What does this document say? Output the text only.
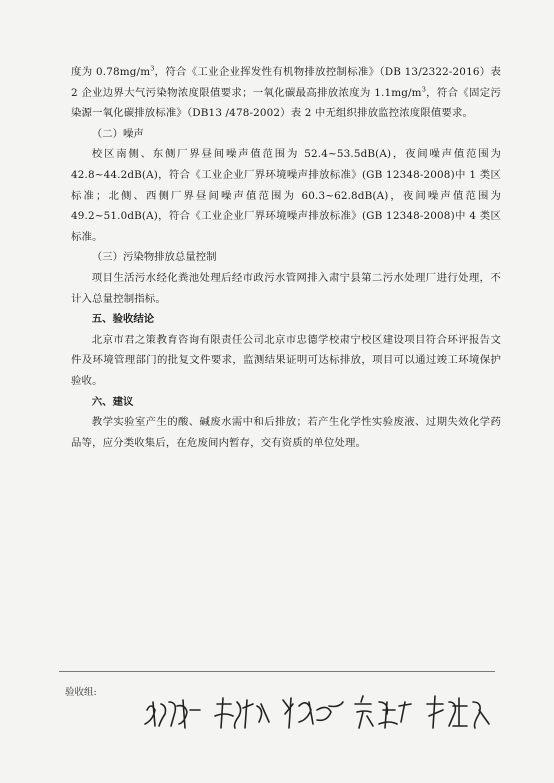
度为 $0.78mg/m^3$，符合《工业企业挥发性有机物排放控制标准》（DB 13/2322-2016）表 2 企业边界大气污染物浓度限值要求；一氧化碳最高排放浓度为 $1.1mg/m^3$，符合《固定污染源一氧化碳排放标准》（DB13 /478-2002）表 2 中无组织排放监控浓度限值要求。

（二）噪声

校区南侧、东侧厂界昼间噪声值范围为 52.4~53.5dB(A)，夜间噪声值范围为 42.8~44.2dB(A)，符合《工业企业厂界环境噪声排放标准》(GB 12348-2008)中 1 类区标准；北侧、西侧厂界昼间噪声值范围为 60.3~62.8dB(A)，夜间噪声值范围为 49.2~51.0dB(A)，符合《工业企业厂界环境噪声排放标准》(GB 12348-2008)中 4 类区标准。

（三）污染物排放总量控制

项目生活污水经化粪池处理后经市政污水管网排入肃宁县第二污水处理厂进行处理，不计入总量控制指标。

五、验收结论

北京市君之策教育咨询有限责任公司北京市忠德学校肃宁校区建设项目符合环评报告文件及环境管理部门的批复文件要求，监测结果证明可达标排放，项目可以通过竣工环境保护验收。

六、建议

教学实验室产生的酸、碱废水需中和后排放；若产生化学性实验废液、过期失效化学药品等，应分类收集后，在危废间内暂存，交有资质的单位处理。

验收组:
